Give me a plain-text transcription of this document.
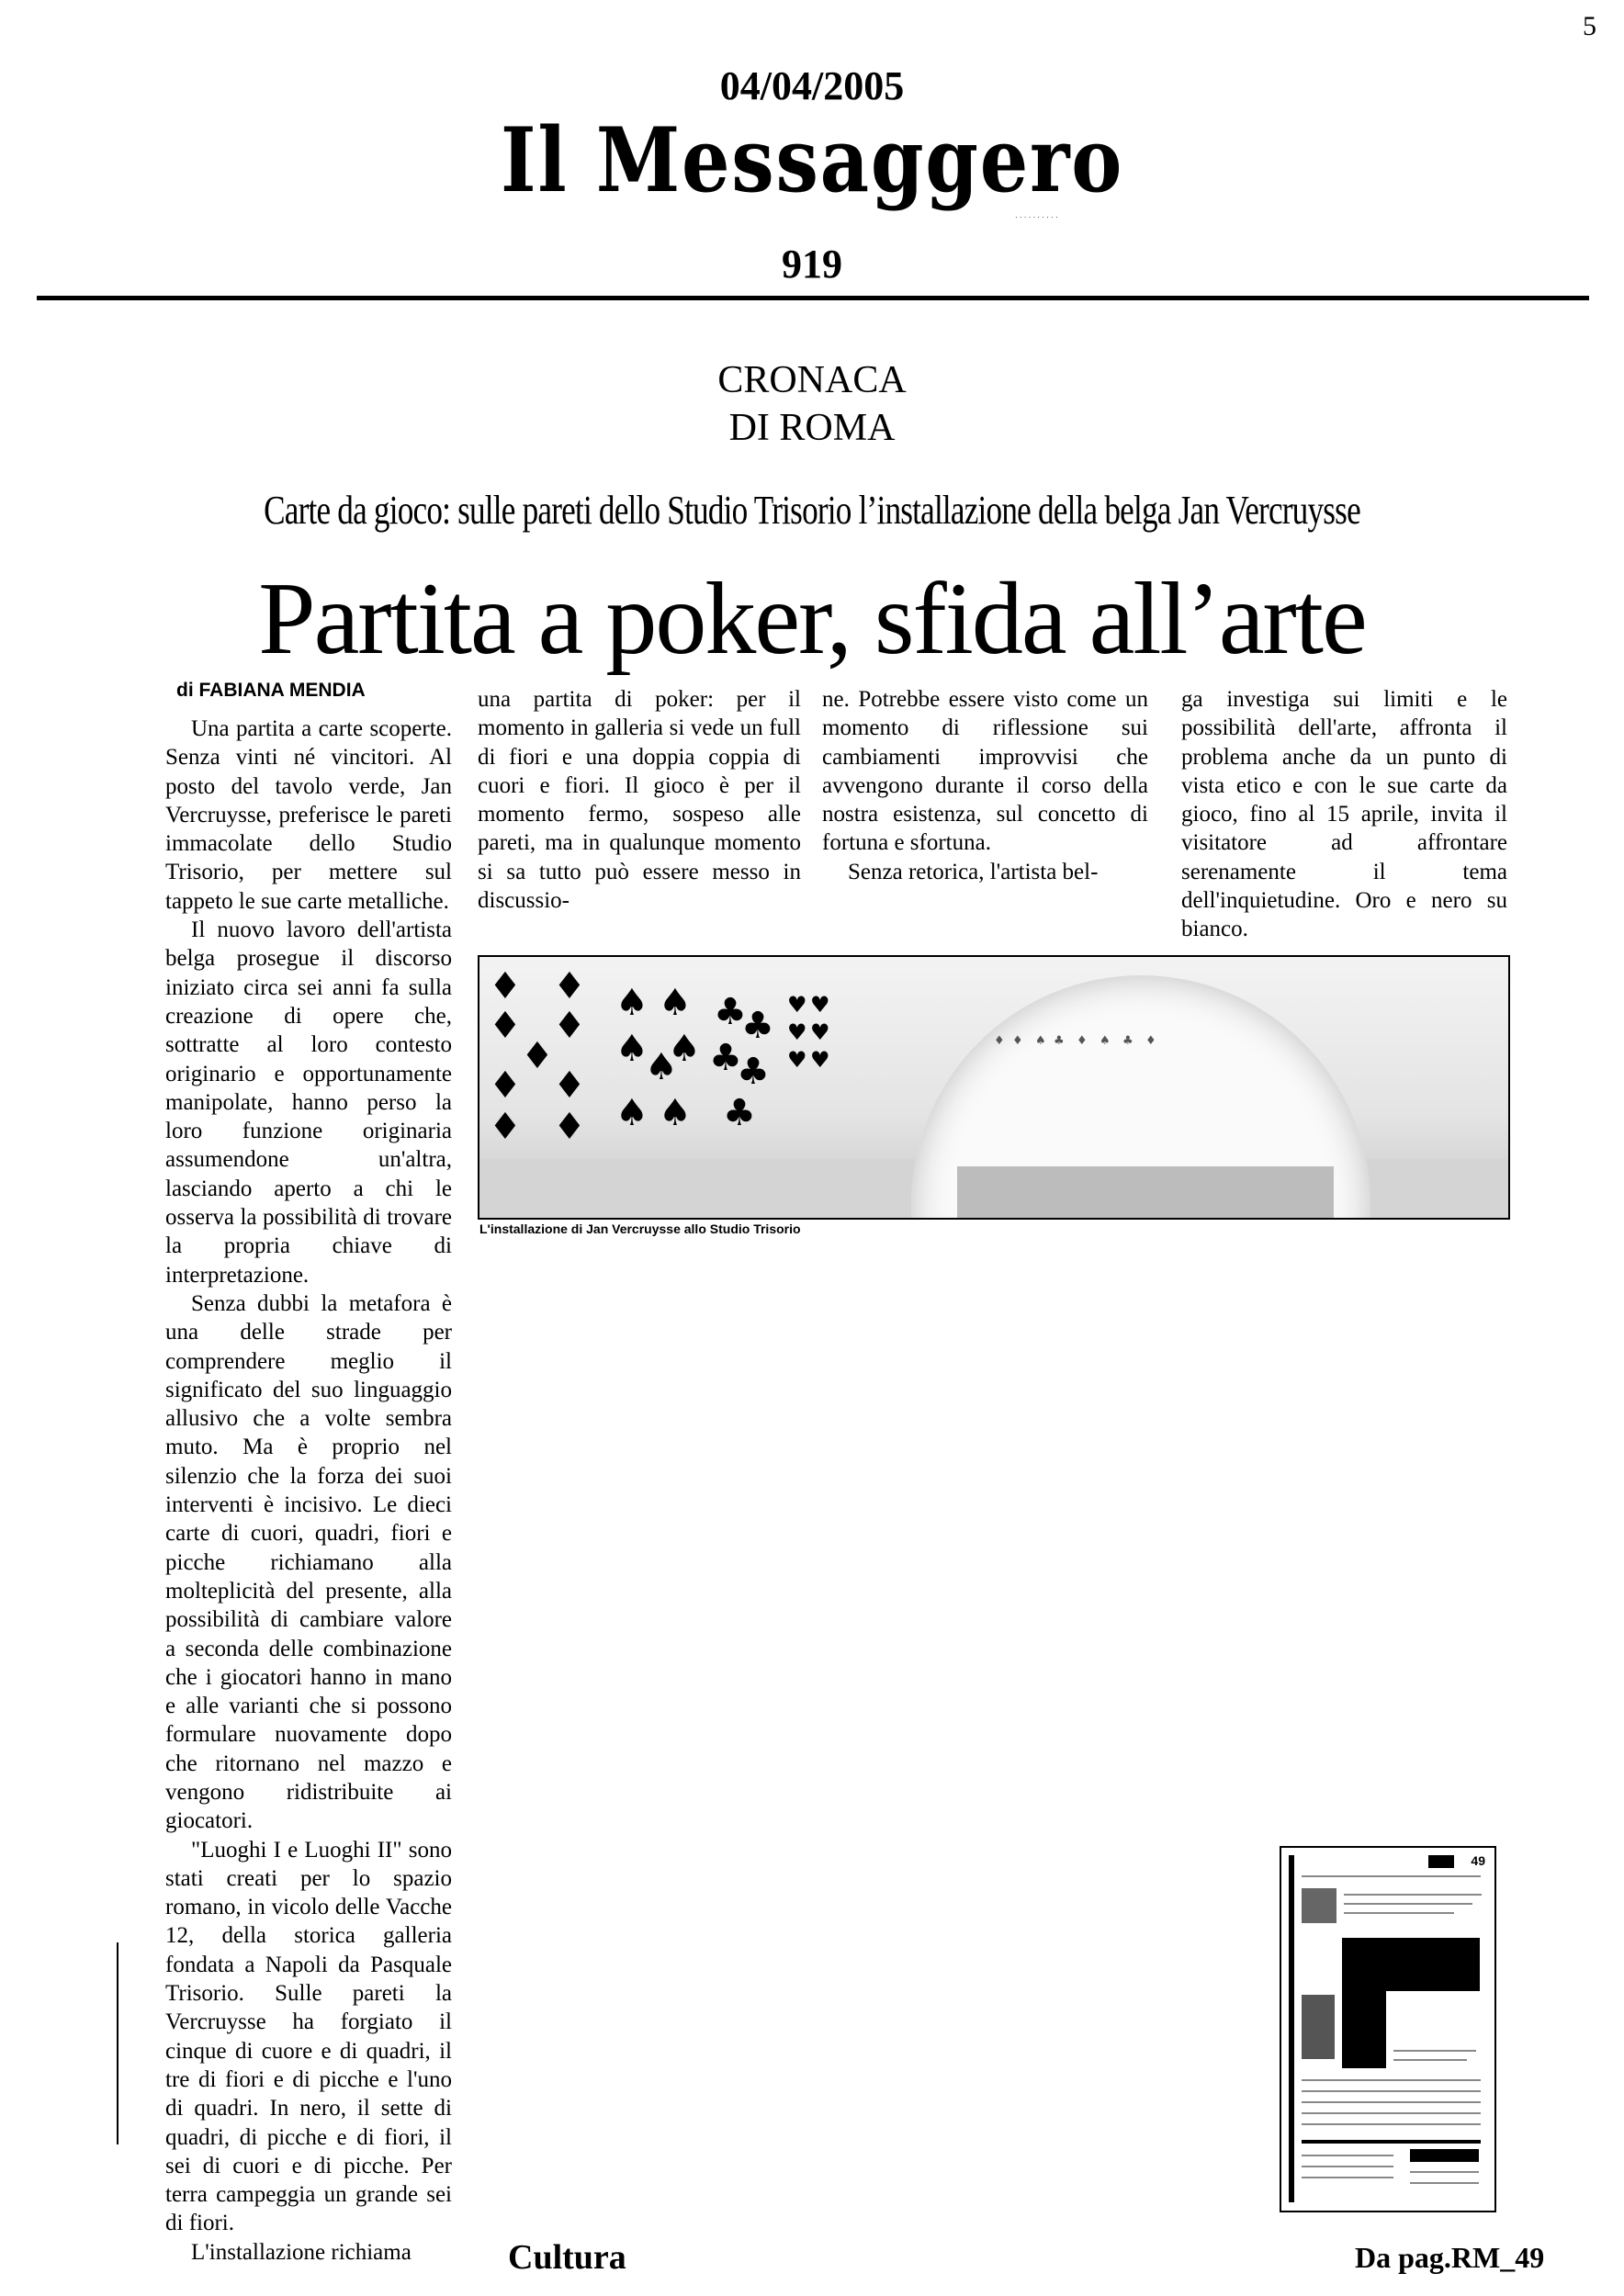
5
04/04/2005
Il Messaggero
· · · · · · · · · ·
919
CRONACA
DI ROMA
Carte da gioco: sulle pareti dello Studio Trisorio l’installazione della belga Jan Vercruysse
Partita a poker, sfida all’arte
di FABIANA MENDIA

Una partita a carte scoperte. Senza vinti né vincitori. Al posto del tavolo verde, Jan Vercruysse, preferisce le pareti immacolate dello Studio Trisorio, per mettere sul tappeto le sue carte metalliche.

Il nuovo lavoro dell'artista belga prosegue il discorso iniziato circa sei anni fa sulla creazione di opere che, sottratte al loro contesto originario e opportunamente manipolate, hanno perso la loro funzione originaria assumendone un'altra, lasciando aperto a chi le osserva la possibilità di trovare la propria chiave di interpretazione.

Senza dubbi la metafora è una delle strade per comprendere meglio il significato del suo linguaggio allusivo che a volte sembra muto. Ma è proprio nel silenzio che la forza dei suoi interventi è incisivo. Le dieci carte di cuori, quadri, fiori e picche richiamano alla molteplicità del presente, alla possibilità di cambiare valore a seconda delle combinazione che i giocatori hanno in mano e alle varianti che si possono formulare nuovamente dopo che ritornano nel mazzo e vengono ridistribuite ai giocatori.

"Luoghi I e Luoghi II" sono stati creati per lo spazio romano, in vicolo delle Vacche 12, della storica galleria fondata a Napoli da Pasquale Trisorio. Sulle pareti la Vercruysse ha forgiato il cinque di cuore e di quadri, il tre di fiori e di picche e l'uno di quadri. In nero, il sette di quadri, di picche e di fiori, il sei di cuori e di picche. Per terra campeggia un grande sei di fiori.

L'installazione richiama

una partita di poker: per il momento in galleria si vede un full di fiori e una doppia coppia di cuori e fiori. Il gioco è per il momento fermo, sospeso alle pareti, ma in qualunque momento si sa tutto può essere messo in discussio-

ne. Potrebbe essere visto come un momento di riflessione sui cambiamenti improvvisi che avvengono durante il corso della nostra esistenza, sul concetto di fortuna e sfortuna.

Senza retorica, l'artista bel-

ga investiga sui limiti e le possibilità dell'arte, affronta il problema anche da un punto di vista etico e con le sue carte da gioco, fino al 15 aprile, invita il visitatore ad affrontare serenamente il tema dell'inquietudine. Oro e nero su bianco.

♦ ♦
♦ ♦
♦
♦ ♦
♦ ♦
♠ ♠
♠
♠
♠
♠ ♠
♣
♣
♣
♣
♣
♥ ♥
♥ ♥
♥ ♥
♦ ♦ ♠ ♣ ♦ ♠ ♣ ♦
L'installazione di Jan Vercruysse allo Studio Trisorio
49
Cultura	Da pag.RM_49
